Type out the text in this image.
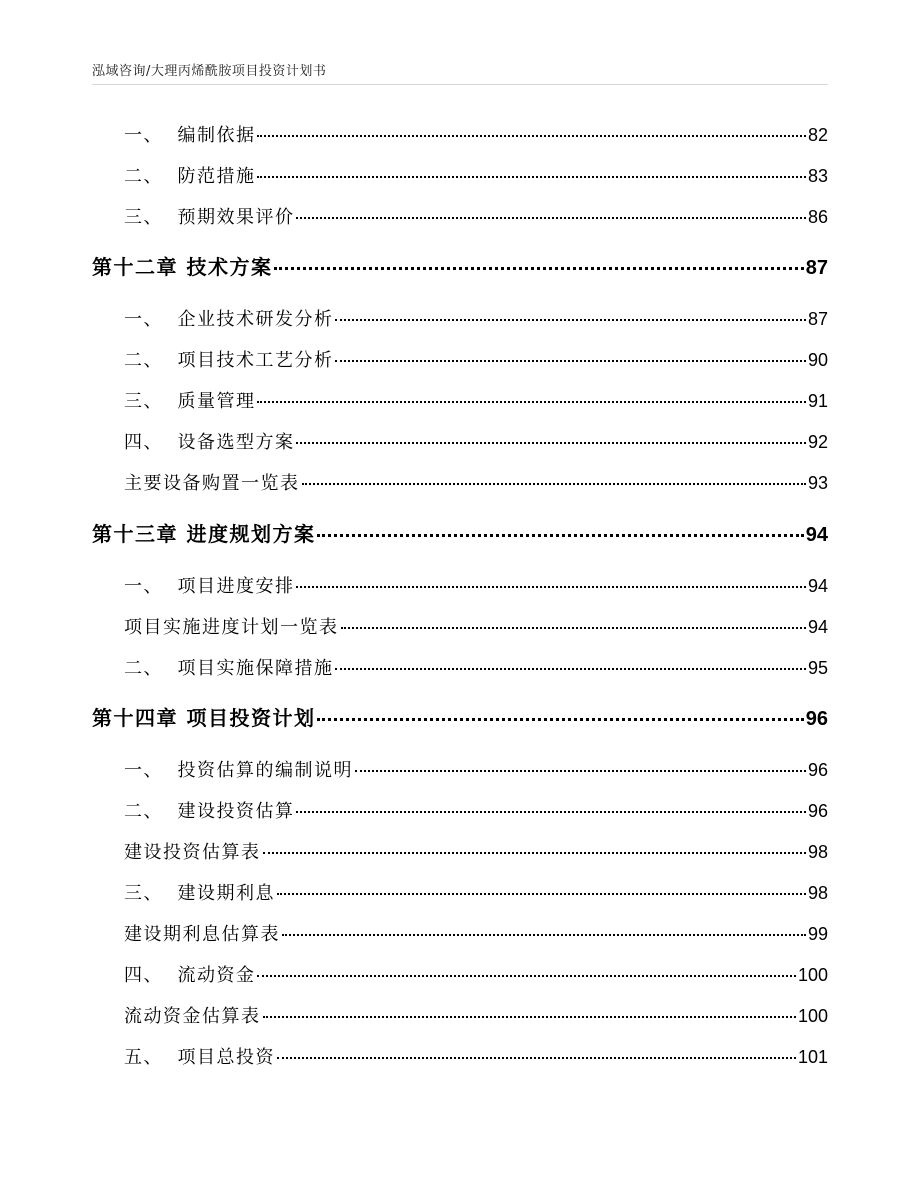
泓域咨询/大理丙烯酰胺项目投资计划书
一、  编制依据	82
二、  防范措施	83
三、  预期效果评价	86
第十二章 技术方案	87
一、  企业技术研发分析	87
二、  项目技术工艺分析	90
三、  质量管理	91
四、  设备选型方案	92
主要设备购置一览表	93
第十三章 进度规划方案	94
一、  项目进度安排	94
项目实施进度计划一览表	94
二、  项目实施保障措施	95
第十四章 项目投资计划	96
一、  投资估算的编制说明	96
二、  建设投资估算	96
建设投资估算表	98
三、  建设期利息	98
建设期利息估算表	99
四、  流动资金	100
流动资金估算表	100
五、  项目总投资	101
